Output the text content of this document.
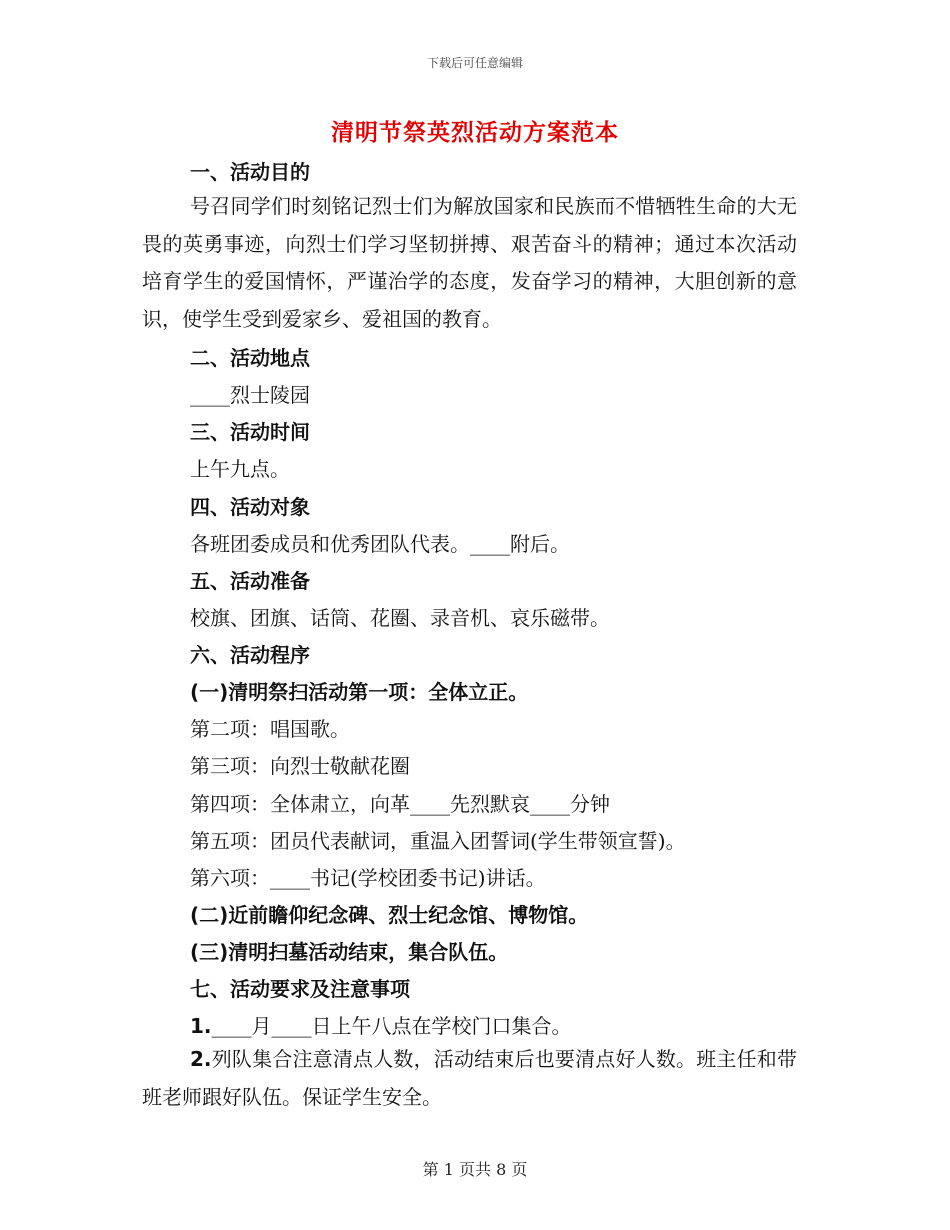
下载后可任意编辑
清明节祭英烈活动方案范本
一、活动目的
号召同学们时刻铭记烈士们为解放国家和民族而不惜牺牲生命的大无畏的英勇事迹，向烈士们学习坚韧拼搏、艰苦奋斗的精神；通过本次活动培育学生的爱国情怀，严谨治学的态度，发奋学习的精神，大胆创新的意识，使学生受到爱家乡、爱祖国的教育。
二、活动地点
____烈士陵园
三、活动时间
上午九点。
四、活动对象
各班团委成员和优秀团队代表。____附后。
五、活动准备
校旗、团旗、话筒、花圈、录音机、哀乐磁带。
六、活动程序
(一)清明祭扫活动第一项：全体立正。
第二项：唱国歌。
第三项：向烈士敬献花圈
第四项：全体肃立，向革____先烈默哀____分钟
第五项：团员代表献词，重温入团誓词(学生带领宣誓)。
第六项：____书记(学校团委书记)讲话。
(二)近前瞻仰纪念碑、烈士纪念馆、博物馆。
(三)清明扫墓活动结束，集合队伍。
七、活动要求及注意事项
1.____月____日上午八点在学校门口集合。
2.列队集合注意清点人数，活动结束后也要清点好人数。班主任和带班老师跟好队伍。保证学生安全。
第 1 页共 8 页
